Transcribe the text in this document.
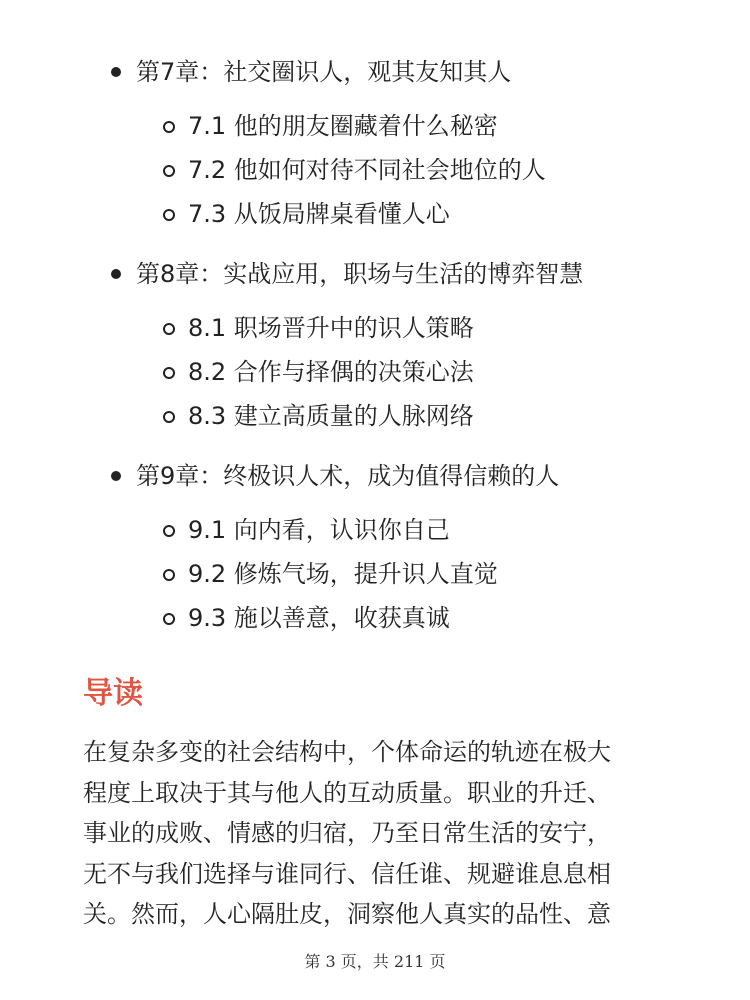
第7章：社交圈识人，观其友知其人
7.1 他的朋友圈藏着什么秘密
7.2 他如何对待不同社会地位的人
7.3 从饭局牌桌看懂人心
第8章：实战应用，职场与生活的博弈智慧
8.1 职场晋升中的识人策略
8.2 合作与择偶的决策心法
8.3 建立高质量的人脉网络
第9章：终极识人术，成为值得信赖的人
9.1 向内看，认识你自己
9.2 修炼气场，提升识人直觉
9.3 施以善意，收获真诚
导读
在复杂多变的社会结构中，个体命运的轨迹在极大
程度上取决于其与他人的互动质量。职业的升迁、
事业的成败、情感的归宿，乃至日常生活的安宁，
无不与我们选择与谁同行、信任谁、规避谁息息相
关。然而，人心隔肚皮，洞察他人真实的品性、意
第 3 页，共 211 页
